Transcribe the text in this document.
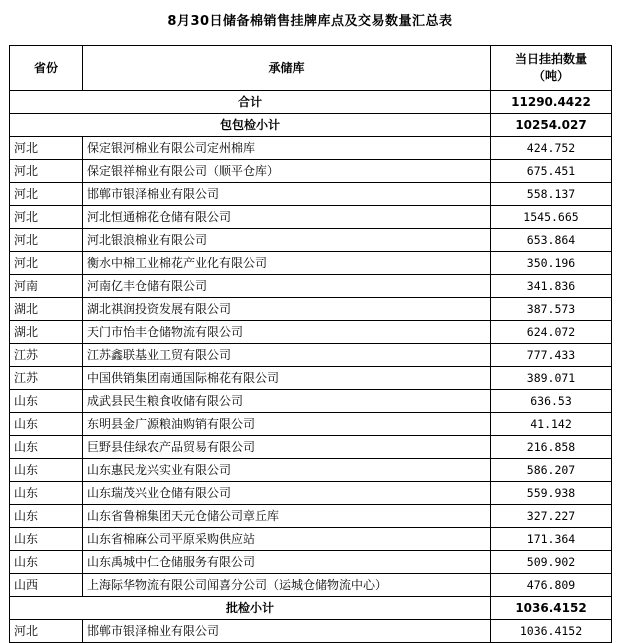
8月30日储备棉销售挂牌库点及交易数量汇总表
省份	承储库	当日挂拍数量
（吨）

合计		11290.4422
包包检小计		10254.027
河北	保定银河棉业有限公司定州棉库	424.752
河北	保定银祥棉业有限公司（顺平仓库）	675.451
河北	邯郸市银泽棉业有限公司	558.137
河北	河北恒通棉花仓储有限公司	1545.665
河北	河北银浪棉业有限公司	653.864
河北	衡水中棉工业棉花产业化有限公司	350.196
河南	河南亿丰仓储有限公司	341.836
湖北	湖北祺润投资发展有限公司	387.573
湖北	天门市怡丰仓储物流有限公司	624.072
江苏	江苏鑫联基业工贸有限公司	777.433
江苏	中国供销集团南通国际棉花有限公司	389.071
山东	成武县民生粮食收储有限公司	636.53
山东	东明县金广源粮油购销有限公司	41.142
山东	巨野县佳绿农产品贸易有限公司	216.858
山东	山东惠民龙兴实业有限公司	586.207
山东	山东瑞茂兴业仓储有限公司	559.938
山东	山东省鲁棉集团天元仓储公司章丘库	327.227
山东	山东省棉麻公司平原采购供应站	171.364
山东	山东禹城中仁仓储服务有限公司	509.902
山西	上海际华物流有限公司闻喜分公司（运城仓储物流中心）	476.809
批检小计		1036.4152
河北	邯郸市银泽棉业有限公司	1036.4152
